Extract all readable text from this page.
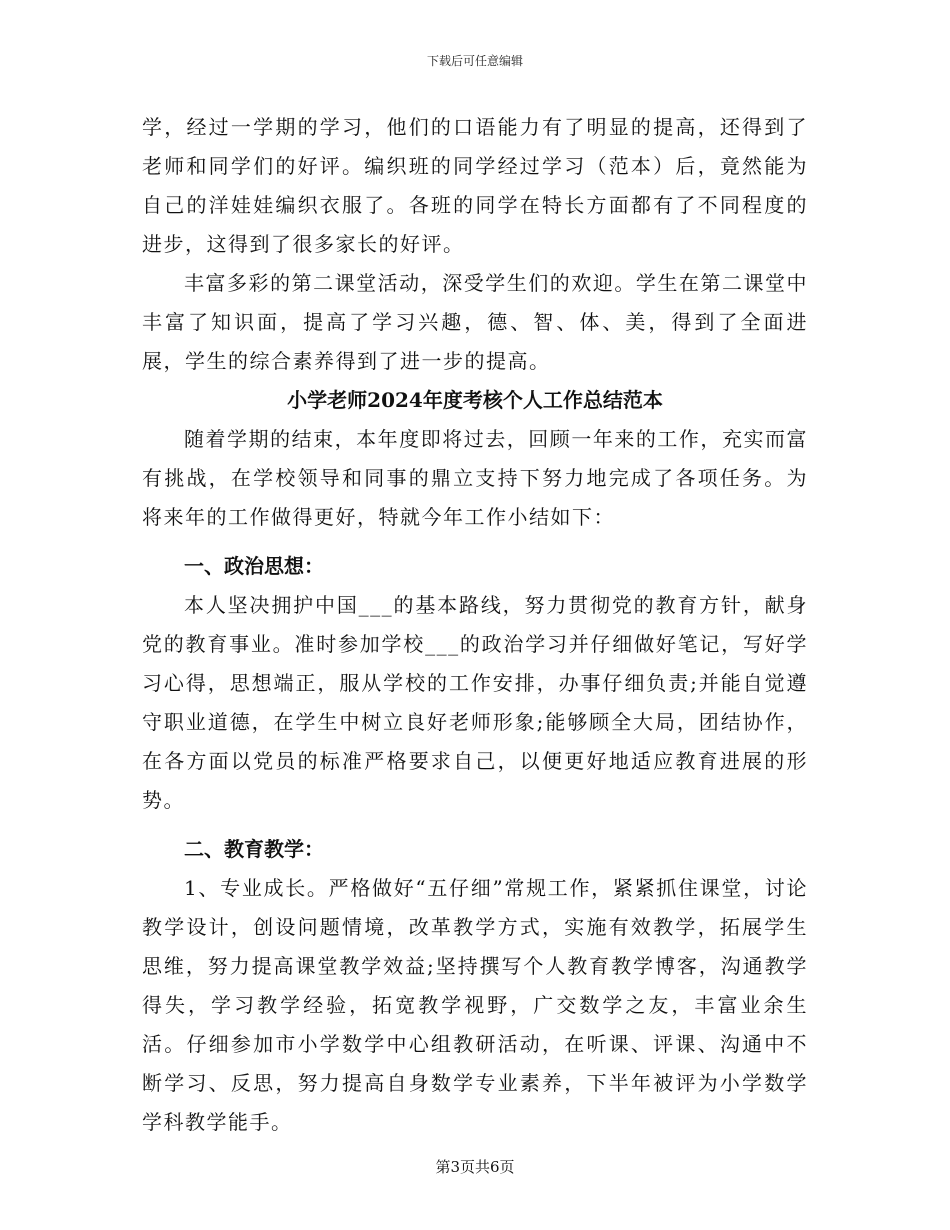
下载后可任意编辑

学，经过一学期的学习，他们的口语能力有了明显的提高，还得到了老师和同学们的好评。编织班的同学经过学习（范本）后，竟然能为自己的洋娃娃编织衣服了。各班的同学在特长方面都有了不同程度的进步，这得到了很多家长的好评。

丰富多彩的第二课堂活动，深受学生们的欢迎。学生在第二课堂中丰富了知识面，提高了学习兴趣，德、智、体、美，得到了全面进展，学生的综合素养得到了进一步的提高。

小学老师2024年度考核个人工作总结范本

随着学期的结束，本年度即将过去，回顾一年来的工作，充实而富有挑战，在学校领导和同事的鼎立支持下努力地完成了各项任务。为将来年的工作做得更好，特就今年工作小结如下：

一、政治思想：

本人坚决拥护中国___的基本路线，努力贯彻党的教育方针，献身党的教育事业。准时参加学校___的政治学习并仔细做好笔记，写好学习心得，思想端正，服从学校的工作安排，办事仔细负责;并能自觉遵守职业道德，在学生中树立良好老师形象;能够顾全大局，团结协作，在各方面以党员的标准严格要求自己，以便更好地适应教育进展的形势。

二、教育教学：

1、专业成长。严格做好“五仔细”常规工作，紧紧抓住课堂，讨论教学设计，创设问题情境，改革教学方式，实施有效教学，拓展学生思维，努力提高课堂教学效益;坚持撰写个人教育教学博客，沟通教学得失，学习教学经验，拓宽教学视野，广交数学之友，丰富业余生活。仔细参加市小学数学中心组教研活动，在听课、评课、沟通中不断学习、反思，努力提高自身数学专业素养，下半年被评为小学数学学科教学能手。

第3页共6页
